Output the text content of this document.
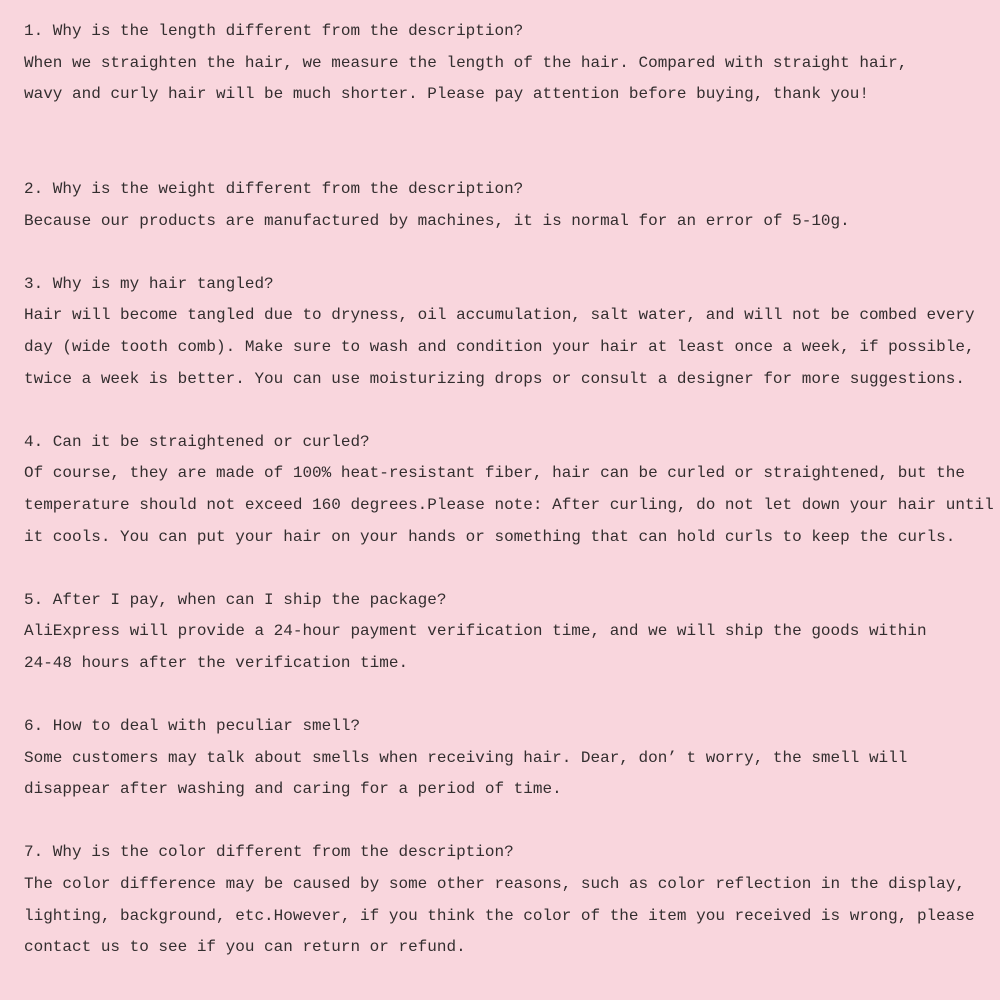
1. Why is the length different from the description?
When we straighten the hair, we measure the length of the hair. Compared with straight hair,
wavy and curly hair will be much shorter. Please pay attention before buying, thank you!
2. Why is the weight different from the description?
Because our products are manufactured by machines, it is normal for an error of 5-10g.
3. Why is my hair tangled?
Hair will become tangled due to dryness, oil accumulation, salt water, and will not be combed every
day (wide tooth comb). Make sure to wash and condition your hair at least once a week, if possible,
twice a week is better. You can use moisturizing drops or consult a designer for more suggestions.
4. Can it be straightened or curled?
Of course, they are made of 100% heat-resistant fiber, hair can be curled or straightened, but the
temperature should not exceed 160 degrees.Please note: After curling, do not let down your hair until
it cools. You can put your hair on your hands or something that can hold curls to keep the curls.
5. After I pay, when can I ship the package?
AliExpress will provide a 24-hour payment verification time, and we will ship the goods within
24-48 hours after the verification time.
6. How to deal with peculiar smell?
Some customers may talk about smells when receiving hair. Dear, don’ t worry, the smell will
disappear after washing and caring for a period of time.
7. Why is the color different from the description?
The color difference may be caused by some other reasons, such as color reflection in the display,
lighting, background, etc.However, if you think the color of the item you received is wrong, please
contact us to see if you can return or refund.
